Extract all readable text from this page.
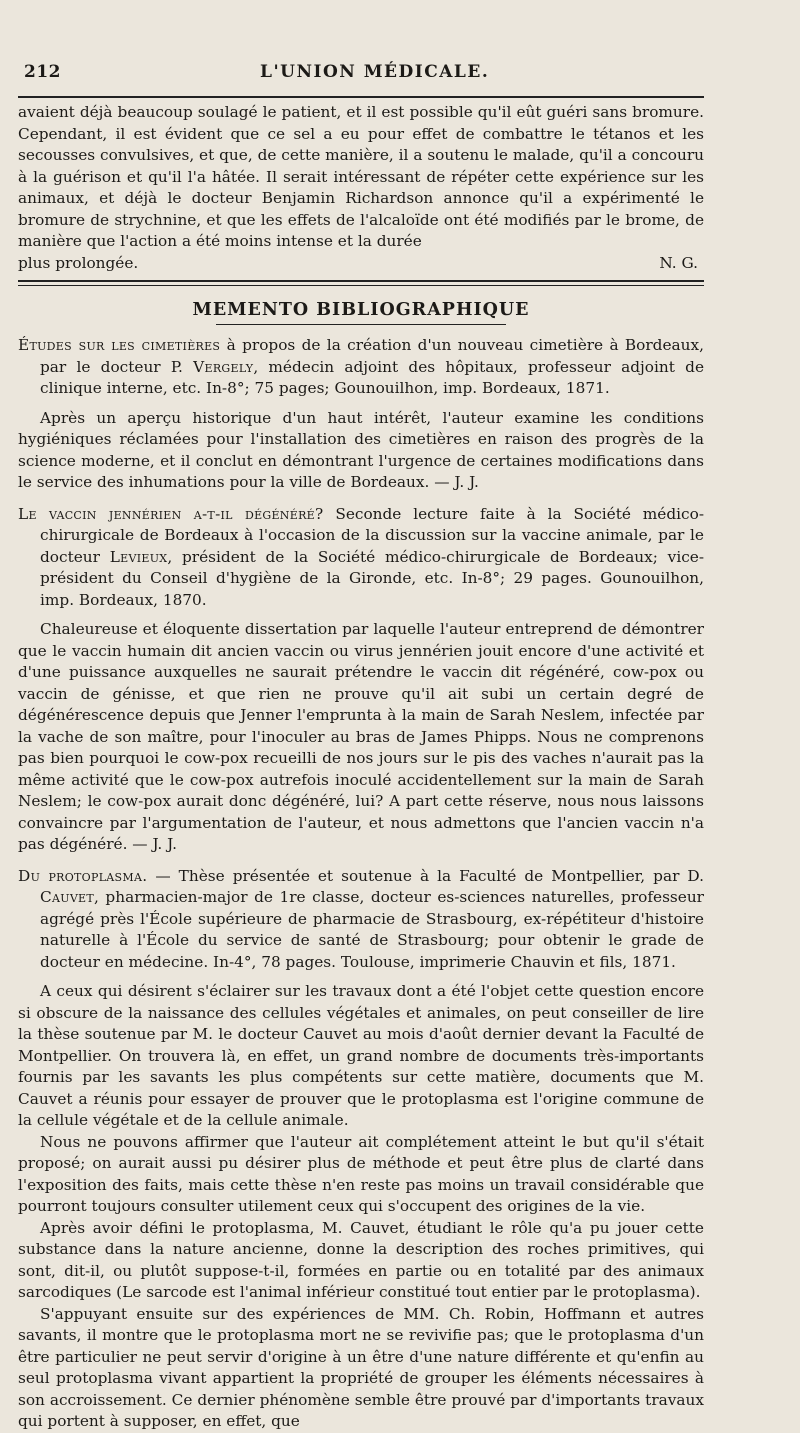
212	L'UNION MÉDICALE.

avaient déjà beaucoup soulagé le patient, et il est possible qu'il eût guéri sans bromure. Cependant, il est évident que ce sel a eu pour effet de combattre le tétanos et les secousses convulsives, et que, de cette manière, il a soutenu le malade, qu'il a concouru à la guérison et qu'il l'a hâtée. Il serait intéressant de répéter cette expérience sur les animaux, et déjà le docteur Benjamin Richardson annonce qu'il a expérimenté le bromure de strychnine, et que les effets de l'alcaloïde ont été modifiés par le brome, de manière que l'action a été moins intense et la durée

plus prolongée.	N. G.
MEMENTO BIBLIOGRAPHIQUE

Études sur les cimetières à propos de la création d'un nouveau cimetière à Bordeaux, par le docteur P. Vergely, médecin adjoint des hôpitaux, professeur adjoint de clinique interne, etc. In-8°; 75 pages; Gounouilhon, imp. Bordeaux, 1871.

Après un aperçu historique d'un haut intérêt, l'auteur examine les conditions hygiéniques réclamées pour l'installation des cimetières en raison des progrès de la science moderne, et il conclut en démontrant l'urgence de certaines modifications dans le service des inhumations pour la ville de Bordeaux. — J. J.

Le vaccin jennérien a-t-il dégénéré? Seconde lecture faite à la Société médico-chirurgicale de Bordeaux à l'occasion de la discussion sur la vaccine animale, par le docteur Levieux, président de la Société médico-chirurgicale de Bordeaux; vice-président du Conseil d'hygiène de la Gironde, etc. In-8°; 29 pages. Gounouilhon, imp. Bordeaux, 1870.

Chaleureuse et éloquente dissertation par laquelle l'auteur entreprend de démontrer que le vaccin humain dit ancien vaccin ou virus jennérien jouit encore d'une activité et d'une puissance auxquelles ne saurait prétendre le vaccin dit régénéré, cow-pox ou vaccin de génisse, et que rien ne prouve qu'il ait subi un certain degré de dégénérescence depuis que Jenner l'emprunta à la main de Sarah Neslem, infectée par la vache de son maître, pour l'inoculer au bras de James Phipps. Nous ne comprenons pas bien pourquoi le cow-pox recueilli de nos jours sur le pis des vaches n'aurait pas la même activité que le cow-pox autrefois inoculé accidentellement sur la main de Sarah Neslem; le cow-pox aurait donc dégénéré, lui? A part cette réserve, nous nous laissons convaincre par l'argumentation de l'auteur, et nous admettons que l'ancien vaccin n'a pas dégénéré. — J. J.

Du protoplasma. — Thèse présentée et soutenue à la Faculté de Montpellier, par D. Cauvet, pharmacien-major de 1re classe, docteur es-sciences naturelles, professeur agrégé près l'École supérieure de pharmacie de Strasbourg, ex-répétiteur d'histoire naturelle à l'École du service de santé de Strasbourg; pour obtenir le grade de docteur en médecine. In-4°, 78 pages. Toulouse, imprimerie Chauvin et fils, 1871.

A ceux qui désirent s'éclairer sur les travaux dont a été l'objet cette question encore si obscure de la naissance des cellules végétales et animales, on peut conseiller de lire la thèse soutenue par M. le docteur Cauvet au mois d'août dernier devant la Faculté de Montpellier. On trouvera là, en effet, un grand nombre de documents très-importants fournis par les savants les plus compétents sur cette matière, documents que M. Cauvet a réunis pour essayer de prouver que le protoplasma est l'origine commune de la cellule végétale et de la cellule animale.

Nous ne pouvons affirmer que l'auteur ait complétement atteint le but qu'il s'était proposé; on aurait aussi pu désirer plus de méthode et peut être plus de clarté dans l'exposition des faits, mais cette thèse n'en reste pas moins un travail considérable que pourront toujours consulter utilement ceux qui s'occupent des origines de la vie.

Après avoir défini le protoplasma, M. Cauvet, étudiant le rôle qu'a pu jouer cette substance dans la nature ancienne, donne la description des roches primitives, qui sont, dit-il, ou plutôt suppose-t-il, formées en partie ou en totalité par des animaux sarcodiques (Le sarcode est l'animal inférieur constitué tout entier par le protoplasma).

S'appuyant ensuite sur des expériences de MM. Ch. Robin, Hoffmann et autres savants, il montre que le protoplasma mort ne se revivifie pas; que le protoplasma d'un être particulier ne peut servir d'origine à un être d'une nature différente et qu'enfin au seul protoplasma vivant appartient la propriété de grouper les éléments nécessaires à son accroissement. Ce dernier phénomène semble être prouvé par d'importants travaux qui portent à supposer, en effet, que
